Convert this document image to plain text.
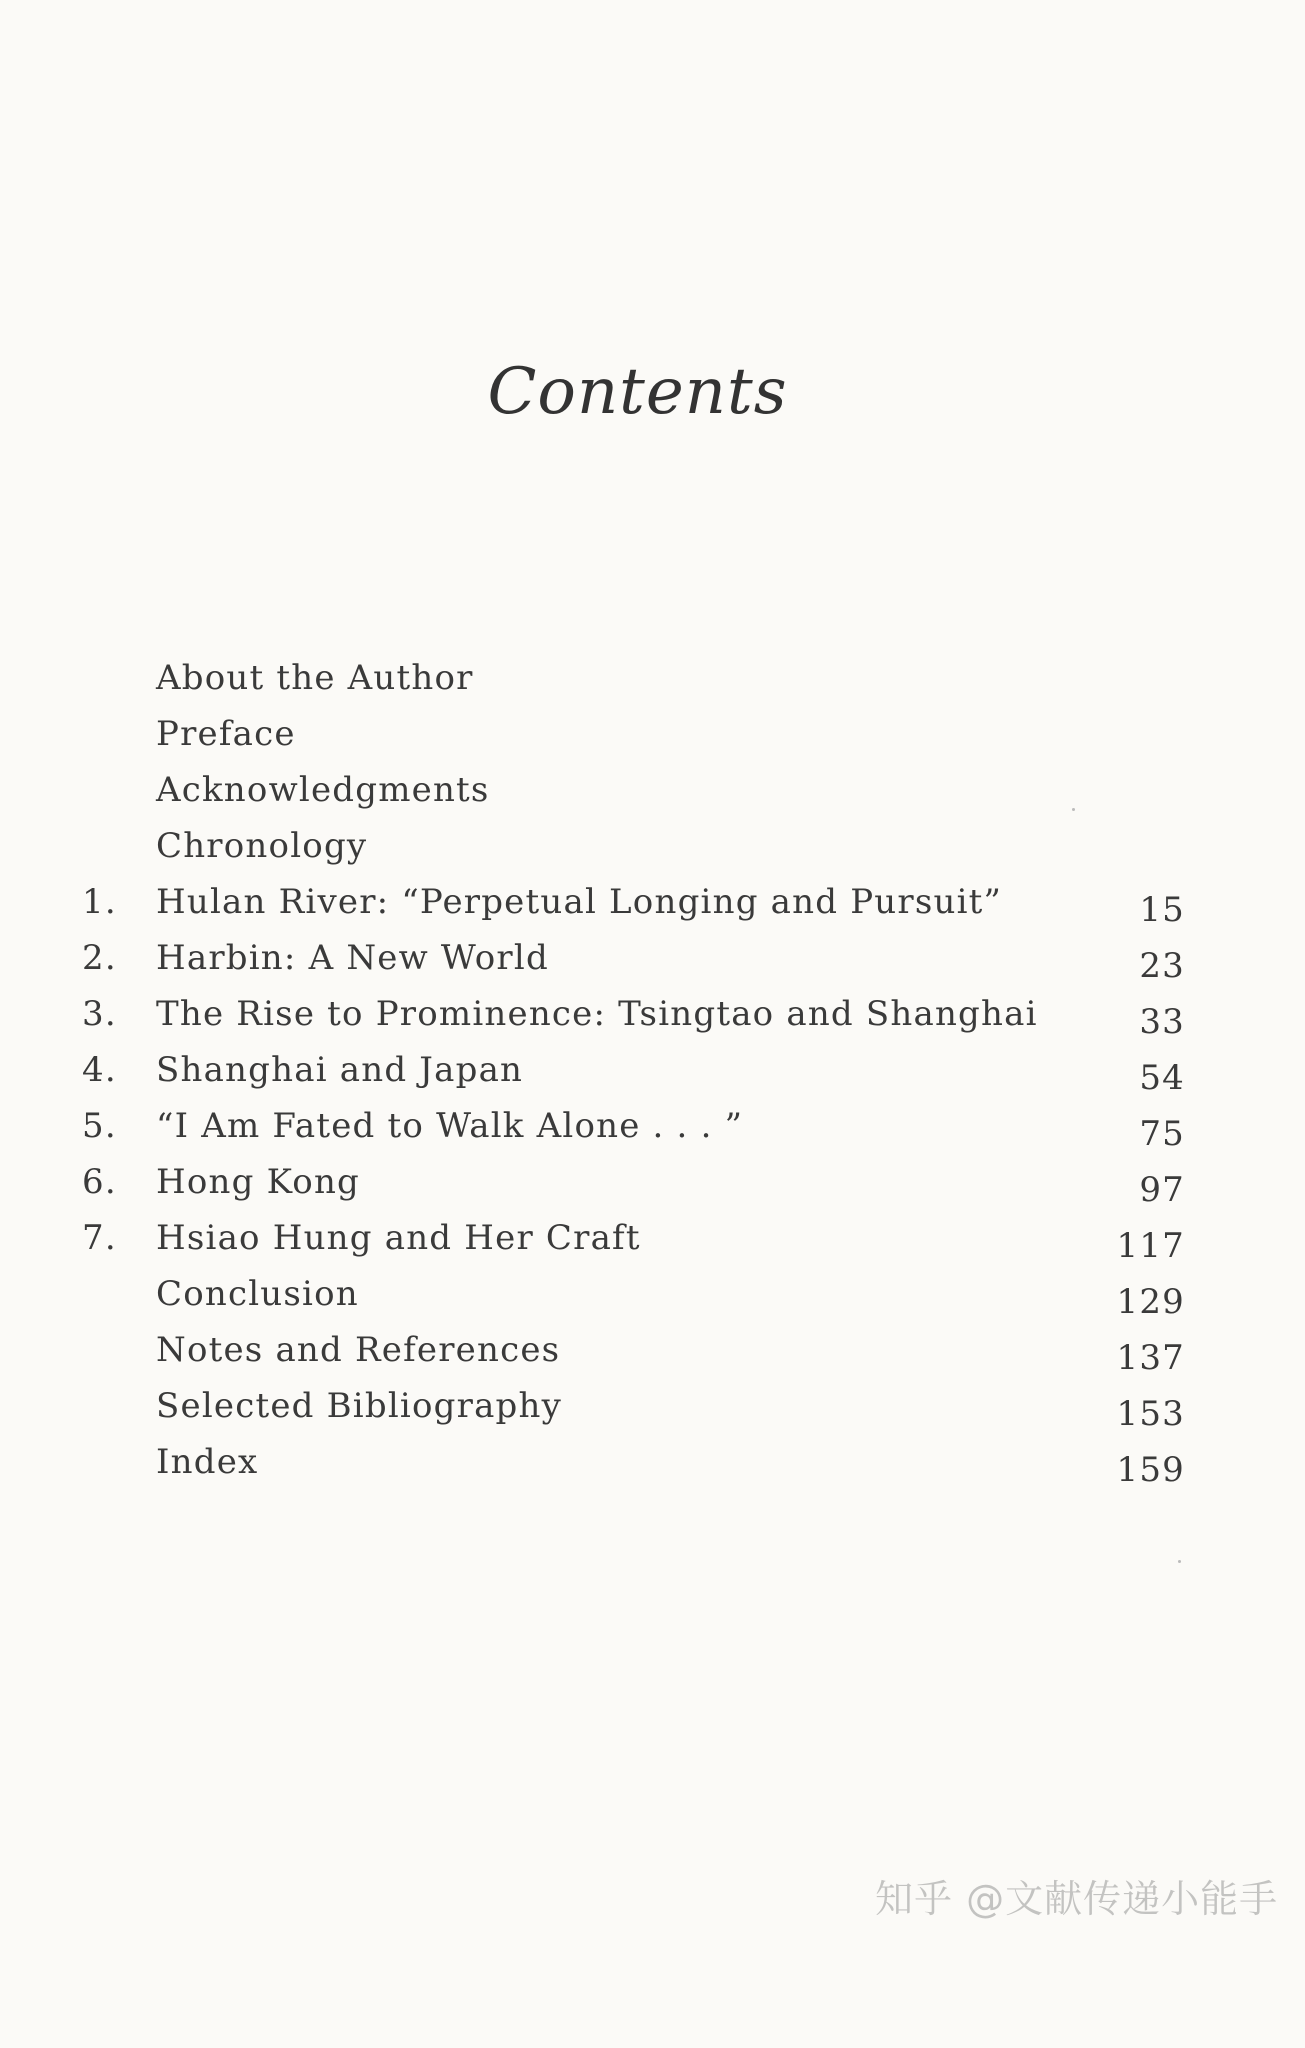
Contents
About the Author
Preface
Acknowledgments
Chronology
1.	Hulan River: “Perpetual Longing and Pursuit”	15
2.	Harbin: A New World	23
3.	The Rise to Prominence: Tsingtao and Shanghai	33
4.	Shanghai and Japan	54
5.	“I Am Fated to Walk Alone . . . ”	75
6.	Hong Kong	97
7.	Hsiao Hung and Her Craft	117
Conclusion	129
Notes and References	137
Selected Bibliography	153
Index	159
知乎 @文献传递小能手
